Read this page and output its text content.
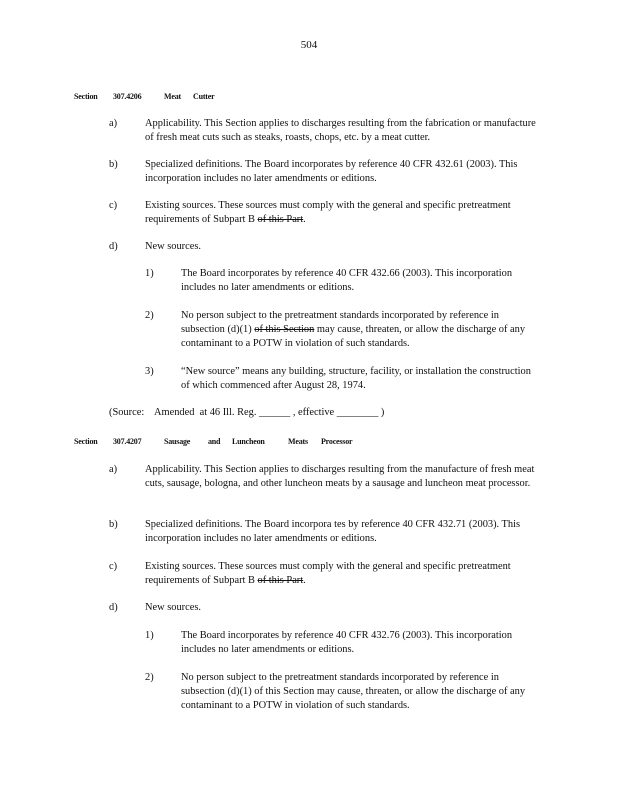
504
Section 307.4206	Meat Cutter
a)	Applicability. This Section applies to discharges resulting from the fabrication or manufacture of fresh meat cuts such as steaks, roasts, chops, etc. by a meat cutter.
b)	Specialized definitions. The Board incorporates by reference 40 CFR 432.61 (2003). This incorporation includes no later amendments or editions.
c)	Existing sources. These sources must comply with the general and specific pretreatment requirements of Subpart B of this Part.
d)	New sources.
1)	The Board incorporates by reference 40 CFR 432.66 (2003). This incorporation includes no later amendments or editions.
2)	No person subject to the pretreatment standards incorporated by reference in subsection (d)(1) of this Section may cause, threaten, or allow the discharge of any contaminant to a POTW in violation of such standards.
3)	“New source” means any building, structure, facility, or installation the construction of which commenced after August 28, 1974.
(Source:    Amended  at 46 Ill. Reg. ______ , effective ________ )
Section 307.4207	Sausage and Luncheon	Meats Processor
a)	Applicability. This Section applies to discharges resulting from the manufacture of fresh meat cuts, sausage, bologna, and other luncheon meats by a sausage and luncheon meat processor.
b)	Specialized definitions. The Board incorpora tes by reference 40 CFR 432.71 (2003). This incorporation includes no later amendments or editions.
c)	Existing sources. These sources must comply with the general and specific pretreatment requirements of Subpart B of this Part.
d)	New sources.
1)	The Board incorporates by reference 40 CFR 432.76 (2003). This incorporation includes no later amendments or editions.
2)	No person subject to the pretreatment standards incorporated by reference in subsection (d)(1) of this Section may cause, threaten, or allow the discharge of any contaminant to a POTW in violation of such standards.
